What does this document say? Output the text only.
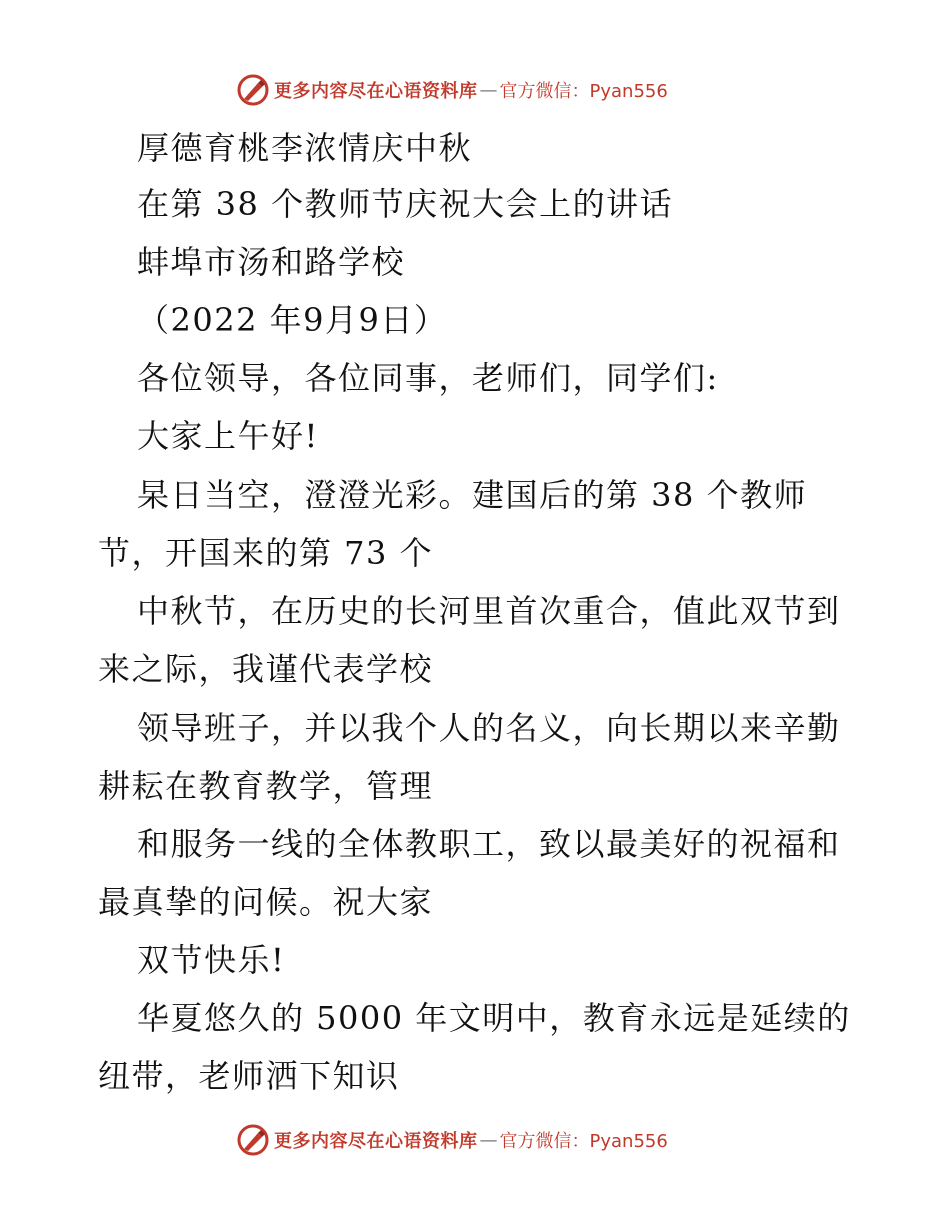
更多内容尽在心语资料库 — 官方微信：Pyan556
厚德育桃李浓情庆中秋
在第 38 个教师节庆祝大会上的讲话
蚌埠市汤和路学校
（2022 年9月9日）
各位领导，各位同事，老师们，同学们:
大家上午好!
杲日当空，澄澄光彩。建国后的第 38 个教师
节，开国来的第 73 个
中秋节，在历史的长河里首次重合，值此双节到
来之际，我谨代表学校
领导班子，并以我个人的名义，向长期以来辛勤
耕耘在教育教学，管理
和服务一线的全体教职工，致以最美好的祝福和
最真挚的问候。祝大家
双节快乐!
华夏悠久的 5000 年文明中，教育永远是延续的
纽带，老师洒下知识
更多内容尽在心语资料库 — 官方微信：Pyan556
